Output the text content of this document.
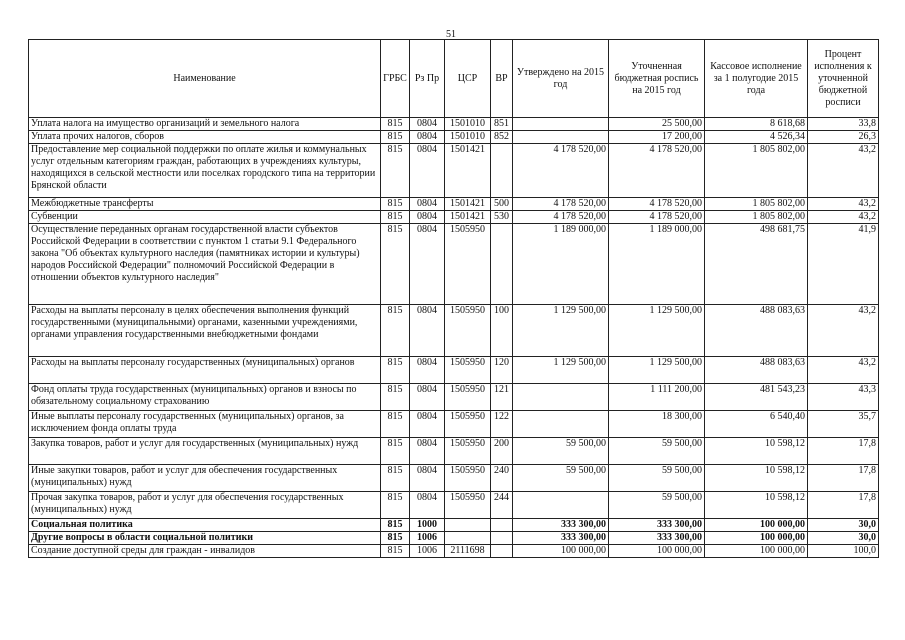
51
Наименование	ГРБС	Рз Пр	ЦСР	ВР	Утверждено на 2015 год	Уточненная бюджетная роспись на 2015 год	Кассовое исполнение за 1 полугодие 2015 года	Процент исполнения к уточненной бюджетной росписи
Уплата налога на имущество организаций и земельного налога	815	0804	1501010	851		25 500,00	8 618,68	33,8
Уплата прочих налогов, сборов	815	0804	1501010	852		17 200,00	4 526,34	26,3
Предоставление мер социальной поддержки по оплате жилья и коммунальных услуг отдельным категориям граждан, работающих в учреждениях культуры, находящихся в сельской местности или поселках городского типа на территории Брянской области	815	0804	1501421		4 178 520,00	4 178 520,00	1 805 802,00	43,2
Межбюджетные трансферты	815	0804	1501421	500	4 178 520,00	4 178 520,00	1 805 802,00	43,2
Субвенции	815	0804	1501421	530	4 178 520,00	4 178 520,00	1 805 802,00	43,2
Осуществление переданных органам государственной власти субъектов Российской Федерации в соответствии с пунктом 1 статьи 9.1 Федерального закона "Об объектах культурного наследия (памятниках истории и культуры) народов Российской Федерации" полномочий Российской Федерации в отношении объектов культурного наследия"	815	0804	1505950		1 189 000,00	1 189 000,00	498 681,75	41,9
Расходы на выплаты персоналу в целях обеспечения выполнения функций государственными (муниципальными) органами, казенными учреждениями, органами управления государственными внебюджетными фондами	815	0804	1505950	100	1 129 500,00	1 129 500,00	488 083,63	43,2
Расходы на выплаты персоналу государственных (муниципальных) органов	815	0804	1505950	120	1 129 500,00	1 129 500,00	488 083,63	43,2
Фонд оплаты труда государственных (муниципальных) органов и взносы по обязательному социальному страхованию	815	0804	1505950	121		1 111 200,00	481 543,23	43,3
Иные выплаты персоналу государственных (муниципальных) органов, за исключением фонда оплаты труда	815	0804	1505950	122		18 300,00	6 540,40	35,7
Закупка товаров, работ и услуг для государственных (муниципальных) нужд	815	0804	1505950	200	59 500,00	59 500,00	10 598,12	17,8
Иные закупки товаров, работ и услуг для обеспечения государственных (муниципальных) нужд	815	0804	1505950	240	59 500,00	59 500,00	10 598,12	17,8
Прочая закупка товаров, работ и услуг для обеспечения государственных (муниципальных) нужд	815	0804	1505950	244		59 500,00	10 598,12	17,8
Социальная политика	815	1000			333 300,00	333 300,00	100 000,00	30,0
Другие вопросы в области социальной политики	815	1006			333 300,00	333 300,00	100 000,00	30,0
Создание доступной среды для граждан - инвалидов	815	1006	2111698		100 000,00	100 000,00	100 000,00	100,0
